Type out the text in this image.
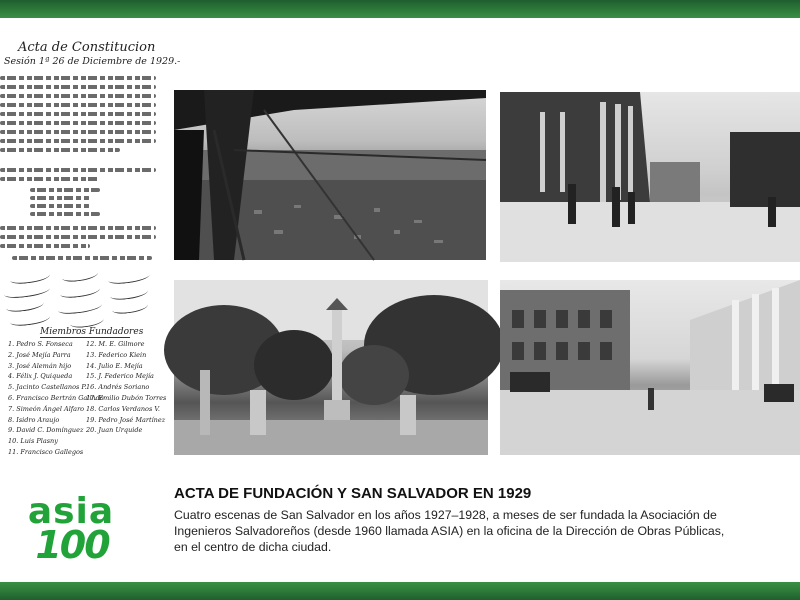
Acta de Constitucion
Sesión 1ª 26 de Diciembre de 1929.-
Miembros Fundadores
1. Pedro S. Fonseca
2. José Mejía Parra
3. José Alemán hijo
4. Félix J. Quiqueda
5. Jacinto Castellanos P.
6. Francisco Bertrán Galindo
7. Simeón Ángel Alfaro
8. Isidro Araujo
9. David C. Domínguez
10. Luis Plasny
11. Francisco Gallegos
12. M. E. Gilmore
13. Federico Kiein
14. Julio E. Mejía
15. J. Federico Mejía
16. Andrés Soriano
17. Emilio Dubón Torres
18. Carlos Verdanos V.
19. Pedro José Martínez
20. Juan Urquide
asia
100
ACTA DE FUNDACIÓN Y SAN SALVADOR EN 1929
Cuatro escenas de San Salvador en los años 1927–1928, a meses de ser fundada la Asociación de Ingenieros Salvadoreños (desde 1960 llamada ASIA) en la oficina de la Dirección de Obras Públicas, en el centro de dicha ciudad.
